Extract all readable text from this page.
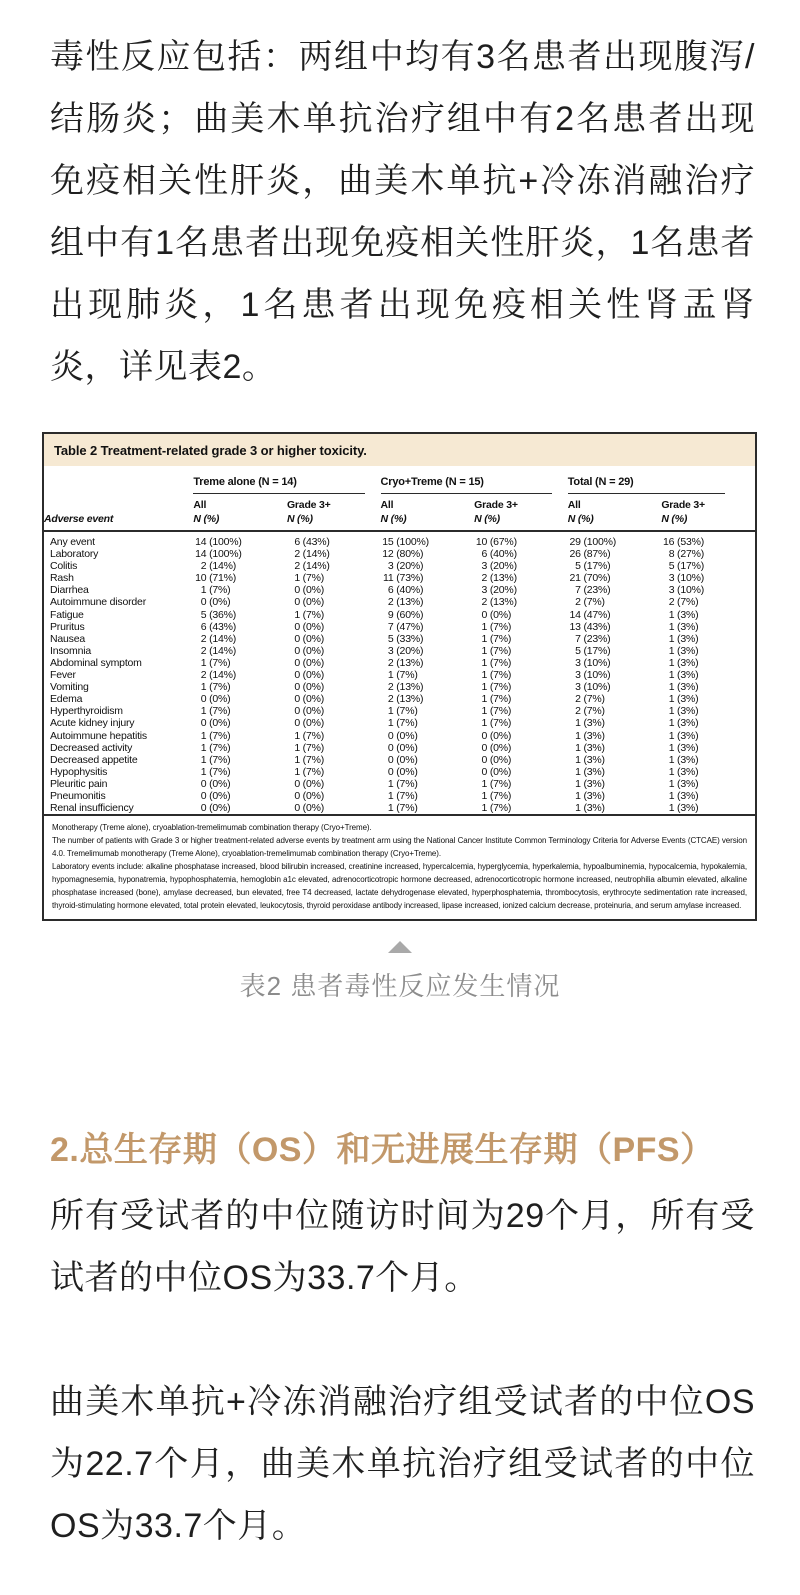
毒性反应包括：两组中均有3名患者出现腹泻/结肠炎；曲美木单抗治疗组中有2名患者出现免疫相关性肝炎，曲美木单抗+冷冻消融治疗组中有1名患者出现免疫相关性肝炎，1名患者出现肺炎，1名患者出现免疫相关性肾盂肾炎，详见表2。

Table 2 Treatment-related grade 3 or higher toxicity.

	Treme alone (N = 14)		Cryo+Treme (N = 15)		Total (N = 29)	

	All	Grade 3+	All	Grade 3+	All	Grade 3+
Adverse event	N (%)	N (%)	N (%)	N (%)	N (%)	N (%)
Any event	14 (100%)	6 (43%)	15 (100%)	10 (67%)	29 (100%)	16 (53%)
Laboratory	14 (100%)	2 (14%)	12 (80%)	6 (40%)	26 (87%)	8 (27%)
Colitis	2 (14%)	2 (14%)	3 (20%)	3 (20%)	5 (17%)	5 (17%)
Rash	10 (71%)	1 (7%)	11 (73%)	2 (13%)	21 (70%)	3 (10%)
Diarrhea	1 (7%)	0 (0%)	6 (40%)	3 (20%)	7 (23%)	3 (10%)
Autoimmune disorder	0 (0%)	0 (0%)	2 (13%)	2 (13%)	2 (7%)	2 (7%)
Fatigue	5 (36%)	1 (7%)	9 (60%)	0 (0%)	14 (47%)	1 (3%)
Pruritus	6 (43%)	0 (0%)	7 (47%)	1 (7%)	13 (43%)	1 (3%)
Nausea	2 (14%)	0 (0%)	5 (33%)	1 (7%)	7 (23%)	1 (3%)
Insomnia	2 (14%)	0 (0%)	3 (20%)	1 (7%)	5 (17%)	1 (3%)
Abdominal symptom	1 (7%)	0 (0%)	2 (13%)	1 (7%)	3 (10%)	1 (3%)
Fever	2 (14%)	0 (0%)	1 (7%)	1 (7%)	3 (10%)	1 (3%)
Vomiting	1 (7%)	0 (0%)	2 (13%)	1 (7%)	3 (10%)	1 (3%)
Edema	0 (0%)	0 (0%)	2 (13%)	1 (7%)	2 (7%)	1 (3%)
Hyperthyroidism	1 (7%)	0 (0%)	1 (7%)	1 (7%)	2 (7%)	1 (3%)
Acute kidney injury	0 (0%)	0 (0%)	1 (7%)	1 (7%)	1 (3%)	1 (3%)
Autoimmune hepatitis	1 (7%)	1 (7%)	0 (0%)	0 (0%)	1 (3%)	1 (3%)
Decreased activity	1 (7%)	1 (7%)	0 (0%)	0 (0%)	1 (3%)	1 (3%)
Decreased appetite	1 (7%)	1 (7%)	0 (0%)	0 (0%)	1 (3%)	1 (3%)
Hypophysitis	1 (7%)	1 (7%)	0 (0%)	0 (0%)	1 (3%)	1 (3%)
Pleuritic pain	0 (0%)	0 (0%)	1 (7%)	1 (7%)	1 (3%)	1 (3%)
Pneumonitis	0 (0%)	0 (0%)	1 (7%)	1 (7%)	1 (3%)	1 (3%)
Renal insufficiency	0 (0%)	0 (0%)	1 (7%)	1 (7%)	1 (3%)	1 (3%)

Monotherapy (Treme alone), cryoablation-tremelimumab combination therapy (Cryo+Treme).

The number of patients with Grade 3 or higher treatment-related adverse events by treatment arm using the National Cancer Institute Common Terminology Criteria for Adverse Events (CTCAE) version 4.0. Tremelimumab monotherapy (Treme Alone), cryoablation-tremelimumab combination therapy (Cryo+Treme).

Laboratory events include: alkaline phosphatase increased, blood bilirubin increased, creatinine increased, hypercalcemia, hyperglycemia, hyperkalemia, hypoalbuminemia, hypocalcemia, hypokalemia, hypomagnesemia, hyponatremia, hypophosphatemia, hemoglobin a1c elevated, adrenocorticotropic hormone decreased, adrenocorticotropic hormone increased, neutrophilia albumin elevated, alkaline phosphatase increased (bone), amylase decreased, bun elevated, free T4 decreased, lactate dehydrogenase elevated, hyperphosphatemia, thrombocytosis, erythrocyte sedimentation rate increased, thyroid-stimulating hormone elevated, total protein elevated, leukocytosis, thyroid peroxidase antibody increased, lipase increased, ionized calcium decrease, proteinuria, and serum amylase increased.

表2 患者毒性反应发生情况
2.总生存期（OS）和无进展生存期（PFS）

所有受试者的中位随访时间为29个月，所有受试者的中位OS为33.7个月。

曲美木单抗+冷冻消融治疗组受试者的中位OS为22.7个月，曲美木单抗治疗组受试者的中位OS为33.7个月。
